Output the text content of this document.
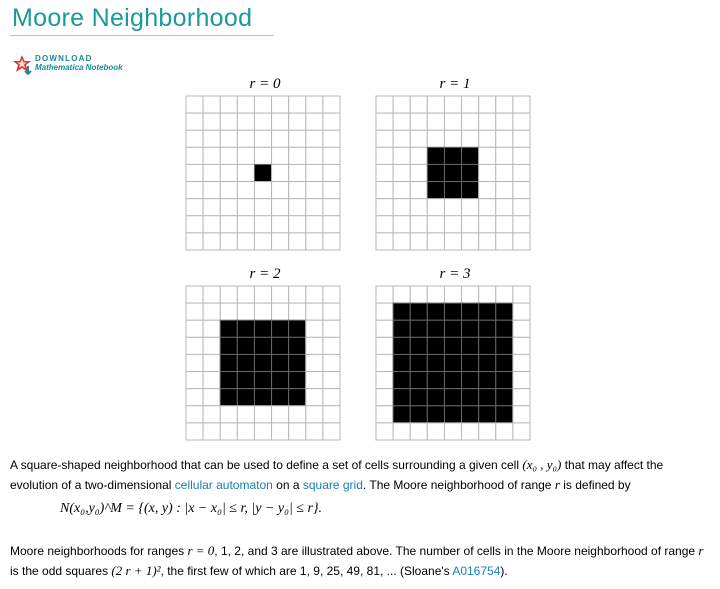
Moore Neighborhood
DOWNLOAD
Mathematica Notebook
r = 0	r = 1
r = 2	r = 3
A square-shaped neighborhood that can be used to define a set of cells surrounding a given cell (x₀ , y₀) that may affect the evolution of a two-dimensional cellular automaton on a square grid. The Moore neighborhood of range r is defined by
N(x₀,y₀)^M = {(x, y) : |x − x₀| ≤ r, |y − y₀| ≤ r}.
Moore neighborhoods for ranges r = 0, 1, 2, and 3 are illustrated above. The number of cells in the Moore neighborhood of range r is the odd squares (2 r + 1)², the first few of which are 1, 9, 25, 49, 81, ... (Sloane's A016754).
